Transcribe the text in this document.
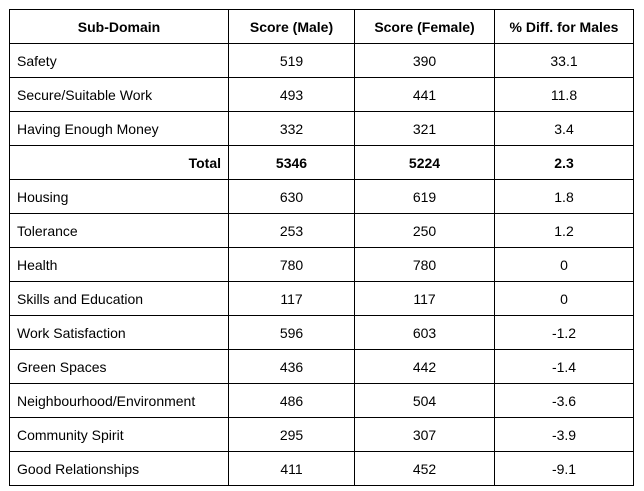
Sub-Domain	Score (Male)	Score (Female)	% Diff. for Males
Safety	519	390	33.1
Secure/Suitable Work	493	441	11.8
Having Enough Money	332	321	3.4
Total	5346	5224	2.3
Housing	630	619	1.8
Tolerance	253	250	1.2
Health	780	780	0
Skills and Education	117	117	0
Work Satisfaction	596	603	-1.2
Green Spaces	436	442	-1.4
Neighbourhood/Environment	486	504	-3.6
Community Spirit	295	307	-3.9
Good Relationships	411	452	-9.1
